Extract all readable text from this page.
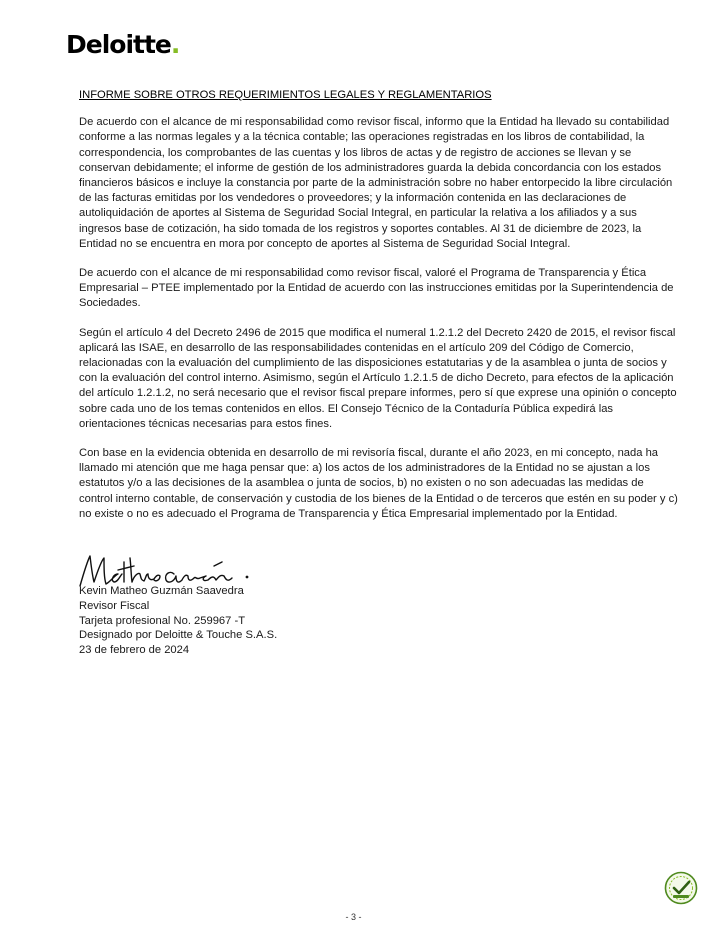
Deloitte.

INFORME SOBRE OTROS REQUERIMIENTOS LEGALES Y REGLAMENTARIOS

De acuerdo con el alcance de mi responsabilidad como revisor fiscal, informo que la Entidad ha llevado su contabilidad conforme a las normas legales y a la técnica contable; las operaciones registradas en los libros de contabilidad, la correspondencia, los comprobantes de las cuentas y los libros de actas y de registro de acciones se llevan y se conservan debidamente; el informe de gestión de los administradores guarda la debida concordancia con los estados financieros básicos e incluye la constancia por parte de la administración sobre no haber entorpecido la libre circulación de las facturas emitidas por los vendedores o proveedores; y la información contenida en las declaraciones de autoliquidación de aportes al Sistema de Seguridad Social Integral, en particular la relativa a los afiliados y a sus ingresos base de cotización, ha sido tomada de los registros y soportes contables. Al 31 de diciembre de 2023, la Entidad no se encuentra en mora por concepto de aportes al Sistema de Seguridad Social Integral.

De acuerdo con el alcance de mi responsabilidad como revisor fiscal, valoré el Programa de Transparencia y Ética Empresarial – PTEE implementado por la Entidad de acuerdo con las instrucciones emitidas por la Superintendencia de Sociedades.

Según el artículo 4 del Decreto 2496 de 2015 que modifica el numeral 1.2.1.2 del Decreto 2420 de 2015, el revisor fiscal aplicará las ISAE, en desarrollo de las responsabilidades contenidas en el artículo 209 del Código de Comercio, relacionadas con la evaluación del cumplimiento de las disposiciones estatutarias y de la asamblea o junta de socios y con la evaluación del control interno. Asimismo, según el Artículo 1.2.1.5 de dicho Decreto, para efectos de la aplicación del artículo 1.2.1.2, no será necesario que el revisor fiscal prepare informes, pero sí que exprese una opinión o concepto sobre cada uno de los temas contenidos en ellos. El Consejo Técnico de la Contaduría Pública expedirá las orientaciones técnicas necesarias para estos fines.

Con base en la evidencia obtenida en desarrollo de mi revisoría fiscal, durante el año 2023, en mi concepto, nada ha llamado mi atención que me haga pensar que: a) los actos de los administradores de la Entidad no se ajustan a los estatutos y/o a las decisiones de la asamblea o junta de socios, b) no existen o no son adecuadas las medidas de control interno contable, de conservación y custodia de los bienes de la Entidad o de terceros que estén en su poder y c) no existe o no es adecuado el Programa de Transparencia y Ética Empresarial implementado por la Entidad.

Kevin Matheo Guzmán Saavedra
Revisor Fiscal
Tarjeta profesional No. 259967 -T
Designado por Deloitte & Touche S.A.S.
23 de febrero de 2024
- 3 -
